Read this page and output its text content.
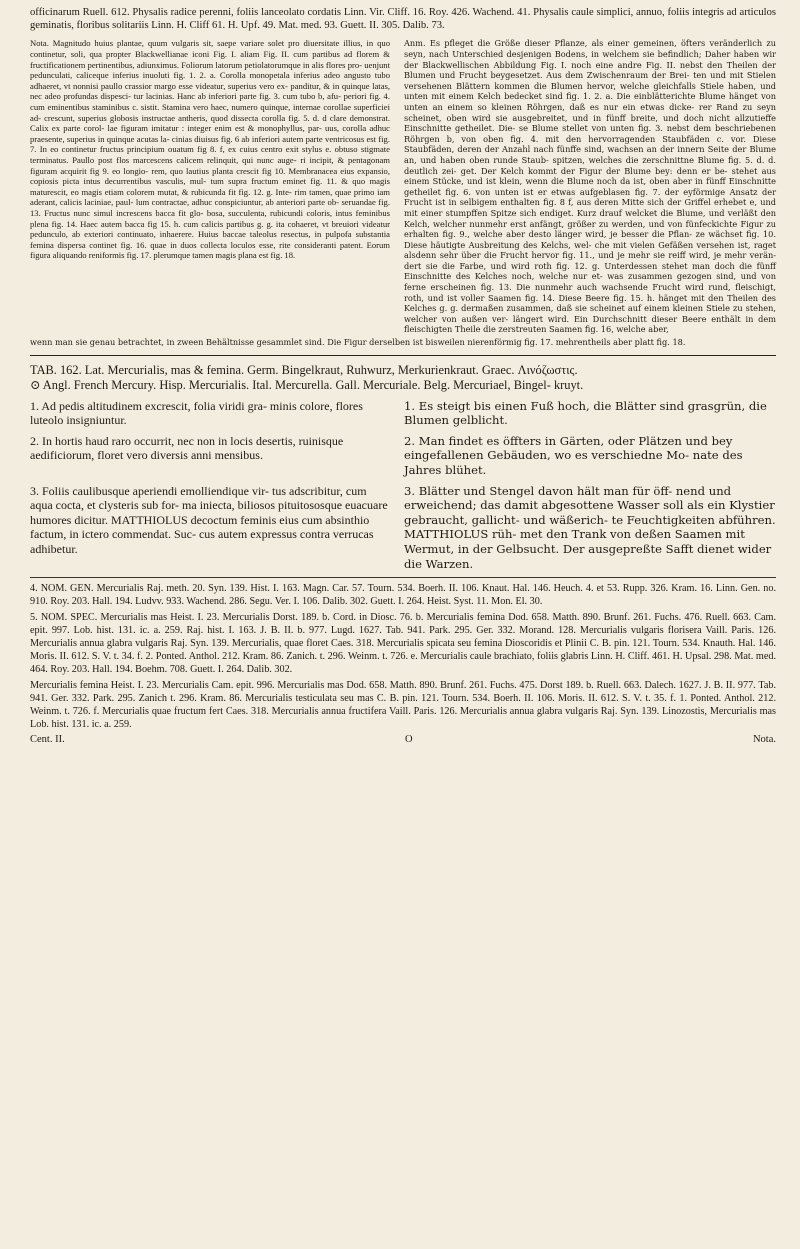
officinarum Ruell. 612. Physalis radice perenni, foliis lanceolato cordatis Linn. Vir. Cliff. 16. Roy. 426. Wachend. 41. Physalis caule simplici, annuo, foliis integris ad articulos geminatis, floribus solitariis Linn. H. Cliff 61. H. Upf. 49. Mat. med. 93. Guett. II. 305. Dalib. 73.

Nota. Magnitudo huius plantae, quum vulgaris sit, saepe variare solet pro diuersitate illius, in quo continetur, soli, qua propter Blackwellianae iconi Fig. I. aliam Fig. II. cum partibus ad florem & fructificationem pertinentibus, adiunximus. Foliorum latorum petiolatorumque in alis flores pro- uenjunt pedunculati, caliceque inferius inuoluti fig. 1. 2. a. Corolla monopetala inferius adeo angusto tubo adhaeret, vt nonnisi paullo crassior margo esse videatur, superius vero ex- panditur, & in quinque latas, nec adeo profundas dispesci- tur lacinias. Hanc ab inferiori parte fig. 3. cum tubo b, afu- periori fig. 4. cum eminentibus staminibus c. sistit. Stamina vero haec, numero quinque, internae corollae superficiei ad- crescunt, superius globosis instructae antheris, quod dissecta corolla fig. 5. d. d clare demonstrat. Calix ex parte corol- lae figuram imitatur : integer enim est & monophyllus, par- uus, corolla adhuc praesente, superius in quinque acutas la- cinias diuisus fig. 6 ab inferiori autem parte ventricosus est fig. 7. In eo continetur fructus principium ouatum fig 8. f, ex cuius centro exit stylus e. obtuso stigmate terminatus. Paullo post flos marcescens calicem relinquit, qui nunc auge- ri incipit, & pentagonam figuram acquirit fig 9. eo longio- rem, quo lautius planta crescit fig 10. Membranacea eius expansio, copiosis picta intus decurrentibus vasculis, mul- tum supra fructum eminet fig. 11. & quo magis maturescit, eo magis etiam colorem mutat, & rubicunda fit fig. 12. g. Inte- rim tamen, quae primo iam aderant, calicis laciniae, paul- lum contractae, adhuc conspiciuntur, ab anteriori parte ob- seruandae fig. 13. Fructus nunc simul increscens bacca fit glo- bosa, succulenta, rubicundi coloris, intus feminibus plena fig. 14. Haec autem bacca fig 15. h. cum calicis partibus g. g. ita cohaeret, vt breuiori videatur pedunculo, ab exteriori continuato, inhaerere. Huius baccae taleolus resectus, in pulpofa substantia femina dispersa continet fig. 16. quae in duos collecta loculos esse, rite consideranti patent. Eorum figura aliquando reniformis fig. 17. plerumque tamen magis plana est fig. 18.
Anm. Es pfleget die Größe dieser Pflanze, als einer gemeinen, öfters veränderlich zu seyn, nach Unterschied desjenigen Bodens, in welchem sie befindlich; Daher haben wir der Blackwellischen Abbildung Fig. I. noch eine andre Fig. II. nebst den Theilen der Blumen und Frucht beygesetzet. Aus dem Zwischenraum der Brei- ten und mit Stielen versehenen Blättern kommen die Blumen hervor, welche gleichfalls Stiele haben, und unten mit einem Kelch bedecket sind fig. 1. 2. a. Die einblätterichte Blume hänget von unten an einem so kleinen Röhrgen, daß es nur ein etwas dicke- rer Rand zu seyn scheinet, oben wird sie ausgebreitet, und in fünff breite, und doch nicht allzutieffe Einschnitte getheilet. Die- se Blume stellet von unten fig. 3. nebst dem beschriebenen Röhrgen b, von oben fig. 4. mit den hervorragenden Staubfäden c. vor. Diese Staubfäden, deren der Anzahl nach fünffe sind, wachsen an der innern Seite der Blume an, und haben oben runde Staub- spitzen, welches die zerschnittne Blume fig. 5. d. d. deutlich zei- get. Der Kelch kommt der Figur der Blume bey: denn er be- stehet aus einem Stücke, und ist klein, wenn die Blume noch da ist, oben aber in fünff Einschnitte getheilet fig. 6. von unten ist er etwas aufgeblasen fig. 7. der eyförmige Ansatz der Frucht ist in selbigem enthalten fig. 8 f, aus deren Mitte sich der Griffel erhebet e, und mit einer stumpffen Spitze sich endiget. Kurz drauf welcket die Blume, und verläßt den Kelch, welcher nunmehr erst anfängt, größer zu werden, und von fünfeckichte Figur zu erhalten fig. 9., welche aber desto länger wird, je besser die Pflan- ze wächset fig. 10. Diese häutigte Ausbreitung des Kelchs, wel- che mit vielen Gefäßen versehen ist, raget alsdenn sehr über die Frucht hervor fig. 11., und je mehr sie reiff wird, je mehr verän- dert sie die Farbe, und wird roth fig. 12. g. Unterdessen stehet man doch die fünff Einschnitte des Kelches noch, welche nur et- was zusammen gezogen sind, und von ferne erscheinen fig. 13. Die nunmehr auch wachsende Frucht wird rund, fleischigt, roth, und ist voller Saamen fig. 14. Diese Beere fig. 15. h. hänget mit den Theilen des Kelches g. g. dermaßen zusammen, daß sie scheinet auf einem kleinen Stiele zu stehen, welcher von außen ver- längert wird. Ein Durchschnitt dieser Beere enthält in dem fleischigten Theile die zerstreuten Saamen fig. 16, welche aber,

wenn man sie genau betrachtet, in zween Behältnisse gesammlet sind. Die Figur derselben ist bisweilen nierenförmig fig. 17. mehrentheils aber platt fig. 18.

TAB. 162. Lat. Mercurialis, mas & femina. Germ. Bingelkraut, Ruhwurz, Merkurienkraut. Graec. Λινόζωστις.

⊙ Angl. French Mercury. Hisp. Mercurialis. Ital. Mercurella. Gall. Mercuriale. Belg. Mercuriael, Bingel- kruyt.

1. Ad pedis altitudinem excrescit, folia viridi gra- minis colore, flores luteolo insigniuntur.
1. Es steigt bis einen Fuß hoch, die Blätter sind grasgrün, die Blumen gelblicht.
2. In hortis haud raro occurrit, nec non in locis desertis, ruinisque aedificiorum, floret vero diversis anni mensibus.
2. Man findet es öffters in Gärten, oder Plätzen und bey eingefallenen Gebäuden, wo es verschiedne Mo- nate des Jahres blühet.
3. Foliis caulibusque aperiendi emolliendique vir- tus adscribitur, cum aqua cocta, et clysteris sub for- ma iniecta, biliosos pituitososque euacuare humores dicitur. MATTHIOLUS decoctum feminis eius cum absinthio factum, in ictero commendat. Suc- cus autem expressus contra verrucas adhibetur.
3. Blätter und Stengel davon hält man für öff- nend und erweichend; das damit abgesottene Wasser soll als ein Klystier gebraucht, gallicht- und wäßerich- te Feuchtigkeiten abführen. MATTHIOLUS rüh- met den Trank von deßen Saamen mit Wermut, in der Gelbsucht. Der ausgepreßte Safft dienet wider die Warzen.

4. NOM. GEN. Mercurialis Raj. meth. 20. Syn. 139. Hist. I. 163. Magn. Car. 57. Tourn. 534. Boerh. II. 106. Knaut. Hal. 146. Heuch. 4. et 53. Rupp. 326. Kram. 16. Linn. Gen. no. 910. Roy. 203. Hall. 194. Ludvv. 933. Wachend. 286. Segu. Ver. I. 106. Dalib. 302. Guett. I. 264. Heist. Syst. 11. Mon. El. 30.

5. NOM. SPEC. Mercurialis mas Heist. I. 23. Mercurialis Dorst. 189. b. Cord. in Diosc. 76. b. Mercurialis femina Dod. 658. Matth. 890. Brunf. 261. Fuchs. 476. Ruell. 663. Cam. epit. 997. Lob. hist. 131. ic. a. 259. Raj. hist. I. 163. J. B. II. b. 977. Lugd. 1627. Tab. 941. Park. 295. Ger. 332. Morand. 128. Mercurialis vulgaris florisera Vaill. Paris. 126. Mercurialis annua glabra vulgaris Raj. Syn. 139. Mercurialis, quae floret Caes. 318. Mercurialis spicata seu femina Dioscoridis et Plinii C. B. pin. 121. Tourn. 534. Knauth. Hal. 146. Moris. II. 612. S. V. t. 34. f. 2. Ponted. Anthol. 212. Kram. 86. Zanich. t. 296. Weinm. t. 726. e. Mercurialis caule brachiato, foliis glabris Linn. H. Cliff. 461. H. Upsal. 298. Mat. med. 464. Roy. 203. Hall. 194. Boehm. 708. Guett. I. 264. Dalib. 302.

Mercurialis femina Heist. I. 23. Mercurialis Cam. epit. 996. Mercurialis mas Dod. 658. Matth. 890. Brunf. 261. Fuchs. 475. Dorst 189. b. Ruell. 663. Dalech. 1627. J. B. II. 977. Tab. 941. Ger. 332. Park. 295. Zanich t. 296. Kram. 86. Mercurialis testiculata seu mas C. B. pin. 121. Tourn. 534. Boerh. II. 106. Moris. II. 612. S. V. t. 35. f. 1. Ponted. Anthol. 212. Weinm. t. 726. f. Mercurialis quae fructum fert Caes. 318. Mercurialis annua fructifera Vaill. Paris. 126. Mercurialis annua glabra vulgaris Raj. Syn. 139. Linozostis, Mercurialis mas Lob. hist. 131. ic. a. 259.

Cent. II.	O	Nota.
